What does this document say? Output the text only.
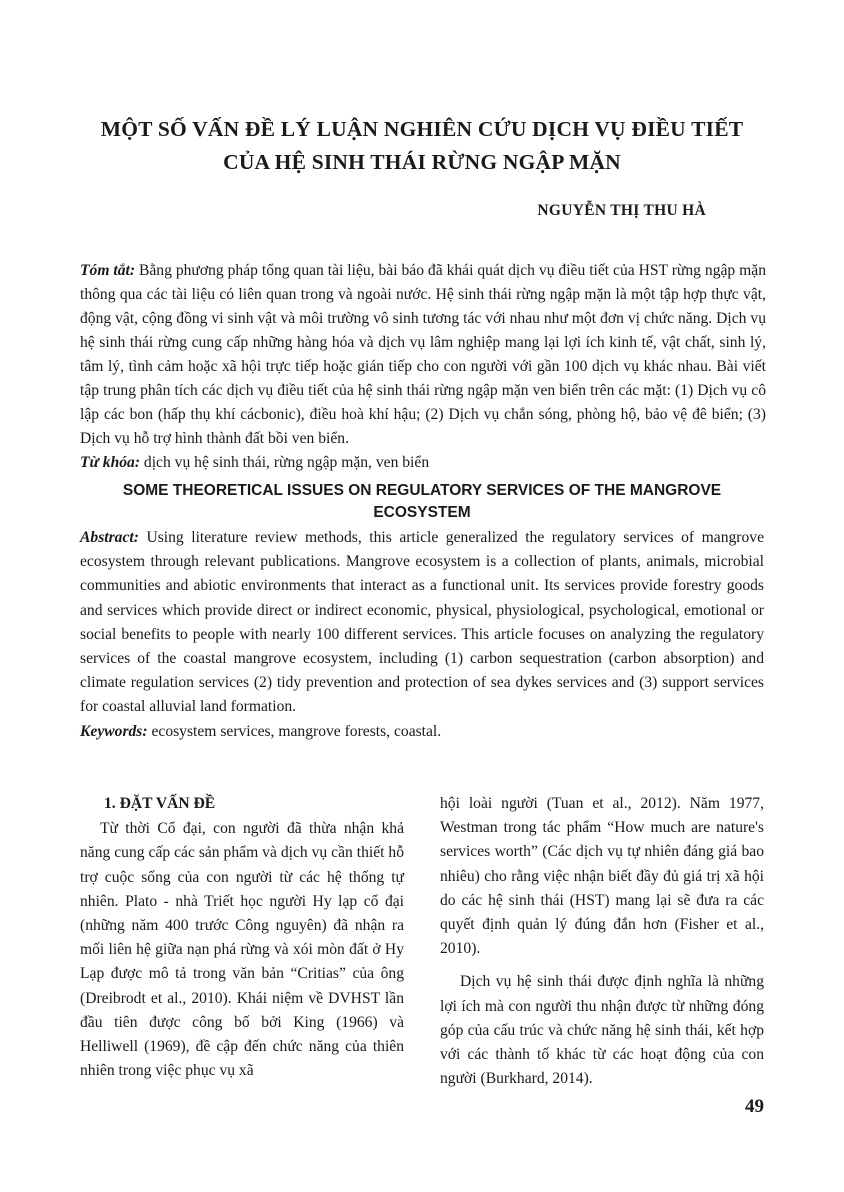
MỘT SỐ VẤN ĐỀ LÝ LUẬN NGHIÊN CỨU DỊCH VỤ ĐIỀU TIẾT
CỦA HỆ SINH THÁI RỪNG NGẬP MẶN
NGUYỄN THỊ THU HÀ

Tóm tắt: Bằng phương pháp tổng quan tài liệu, bài báo đã khái quát dịch vụ điều tiết của HST rừng ngập mặn thông qua các tài liệu có liên quan trong và ngoài nước. Hệ sinh thái rừng ngập mặn là một tập hợp thực vật, động vật, cộng đồng vi sinh vật và môi trường vô sinh tương tác với nhau như một đơn vị chức năng. Dịch vụ hệ sinh thái rừng cung cấp những hàng hóa và dịch vụ lâm nghiệp mang lại lợi ích kinh tế, vật chất, sinh lý, tâm lý, tình cảm hoặc xã hội trực tiếp hoặc gián tiếp cho con người với gần 100 dịch vụ khác nhau. Bài viết tập trung phân tích các dịch vụ điều tiết của hệ sinh thái rừng ngập mặn ven biển trên các mặt: (1) Dịch vụ cô lập các bon (hấp thụ khí cácbonic), điều hoà khí hậu; (2) Dịch vụ chắn sóng, phòng hộ, bảo vệ đê biển; (3) Dịch vụ hỗ trợ hình thành đất bồi ven biển.

Từ khóa: dịch vụ hệ sinh thái, rừng ngập mặn, ven biển

SOME THEORETICAL ISSUES ON REGULATORY SERVICES OF THE MANGROVE
ECOSYSTEM

Abstract: Using literature review methods, this article generalized the regulatory services of mangrove ecosystem through relevant publications. Mangrove ecosystem is a collection of plants, animals, microbial communities and abiotic environments that interact as a functional unit. Its services provide forestry goods and services which provide direct or indirect economic, physical, physiological, psychological, emotional or social benefits to people with nearly 100 different services. This article focuses on analyzing the regulatory services of the coastal mangrove ecosystem, including (1) carbon sequestration (carbon absorption) and climate regulation services (2) tidy prevention and protection of sea dykes services and (3) support services for coastal alluvial land formation.

Keywords: ecosystem services, mangrove forests, coastal.

1. ĐẶT VẤN ĐỀ

Từ thời Cổ đại, con người đã thừa nhận khả năng cung cấp các sản phẩm và dịch vụ cần thiết hỗ trợ cuộc sống của con người từ các hệ thống tự nhiên. Plato - nhà Triết học người Hy lạp cổ đại (những năm 400 trước Công nguyên) đã nhận ra mối liên hệ giữa nạn phá rừng và xói mòn đất ở Hy Lạp được mô tả trong văn bản “Critias” của ông (Dreibrodt et al., 2010). Khái niệm về DVHST lần đầu tiên được công bố bởi King (1966) và Helliwell (1969), đề cập đến chức năng của thiên nhiên trong việc phục vụ xã

hội loài người (Tuan et al., 2012). Năm 1977, Westman trong tác phẩm “How much are nature's services worth” (Các dịch vụ tự nhiên đáng giá bao nhiêu) cho rằng việc nhận biết đầy đủ giá trị xã hội do các hệ sinh thái (HST) mang lại sẽ đưa ra các quyết định quản lý đúng đắn hơn (Fisher et al., 2010).

Dịch vụ hệ sinh thái được định nghĩa là những lợi ích mà con người thu nhận được từ những đóng góp của cấu trúc và chức năng hệ sinh thái, kết hợp với các thành tố khác từ các hoạt động của con người (Burkhard, 2014).

49
